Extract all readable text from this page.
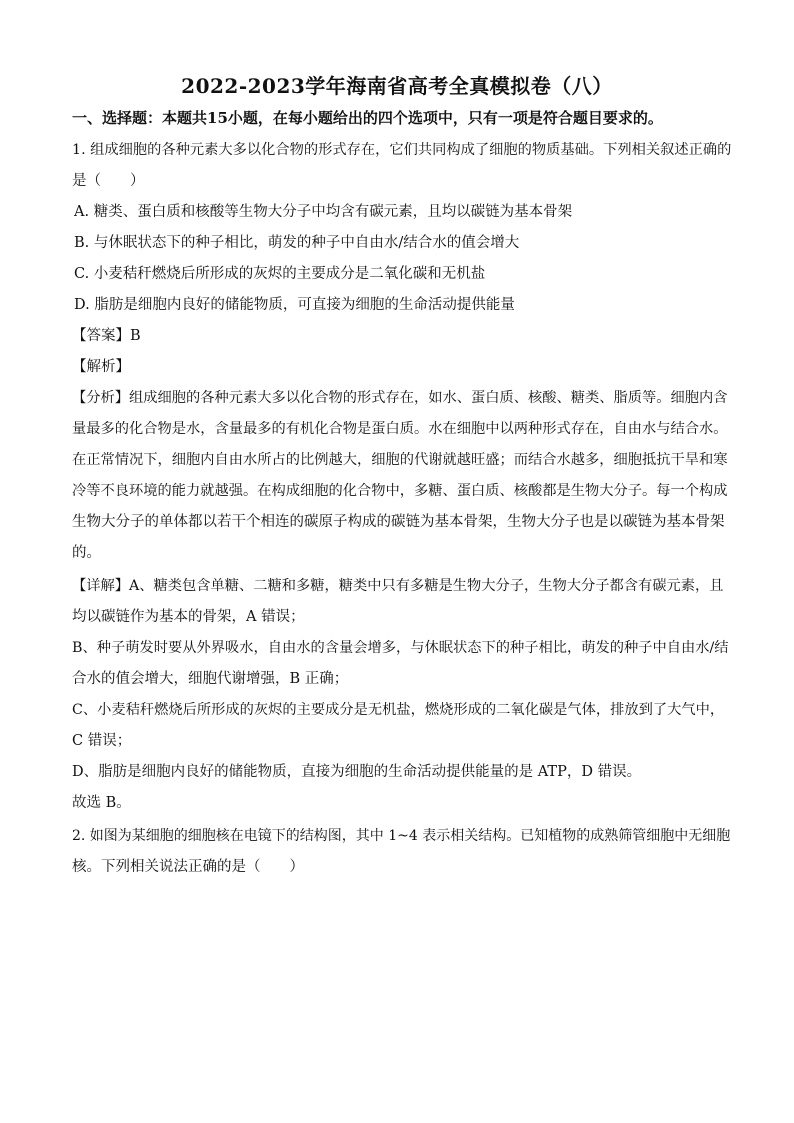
2022-2023学年海南省高考全真模拟卷（八）
一、选择题：本题共15小题，在每小题给出的四个选项中，只有一项是符合题目要求的。
1. 组成细胞的各种元素大多以化合物的形式存在，它们共同构成了细胞的物质基础。下列相关叙述正确的
是（　　）
A. 糖类、蛋白质和核酸等生物大分子中均含有碳元素，且均以碳链为基本骨架
B. 与休眠状态下的种子相比，萌发的种子中自由水/结合水的值会增大
C. 小麦秸秆燃烧后所形成的灰烬的主要成分是二氧化碳和无机盐
D. 脂肪是细胞内良好的储能物质，可直接为细胞的生命活动提供能量
【答案】B
【解析】
【分析】组成细胞的各种元素大多以化合物的形式存在，如水、蛋白质、核酸、糖类、脂质等。细胞内含
量最多的化合物是水，含量最多的有机化合物是蛋白质。水在细胞中以两种形式存在，自由水与结合水。
在正常情况下，细胞内自由水所占的比例越大，细胞的代谢就越旺盛；而结合水越多，细胞抵抗干旱和寒
冷等不良环境的能力就越强。在构成细胞的化合物中，多糖、蛋白质、核酸都是生物大分子。每一个构成
生物大分子的单体都以若干个相连的碳原子构成的碳链为基本骨架，生物大分子也是以碳链为基本骨架
的。
【详解】A、糖类包含单糖、二糖和多糖，糖类中只有多糖是生物大分子，生物大分子都含有碳元素，且
均以碳链作为基本的骨架，A 错误；
B、种子萌发时要从外界吸水，自由水的含量会增多，与休眠状态下的种子相比，萌发的种子中自由水/结
合水的值会增大，细胞代谢增强，B 正确；
C、小麦秸秆燃烧后所形成的灰烬的主要成分是无机盐，燃烧形成的二氧化碳是气体，排放到了大气中，
C 错误；
D、脂肪是细胞内良好的储能物质，直接为细胞的生命活动提供能量的是 ATP，D 错误。
故选 B。
2. 如图为某细胞的细胞核在电镜下的结构图，其中 1~4 表示相关结构。已知植物的成熟筛管细胞中无细胞
核。下列相关说法正确的是（　　）
